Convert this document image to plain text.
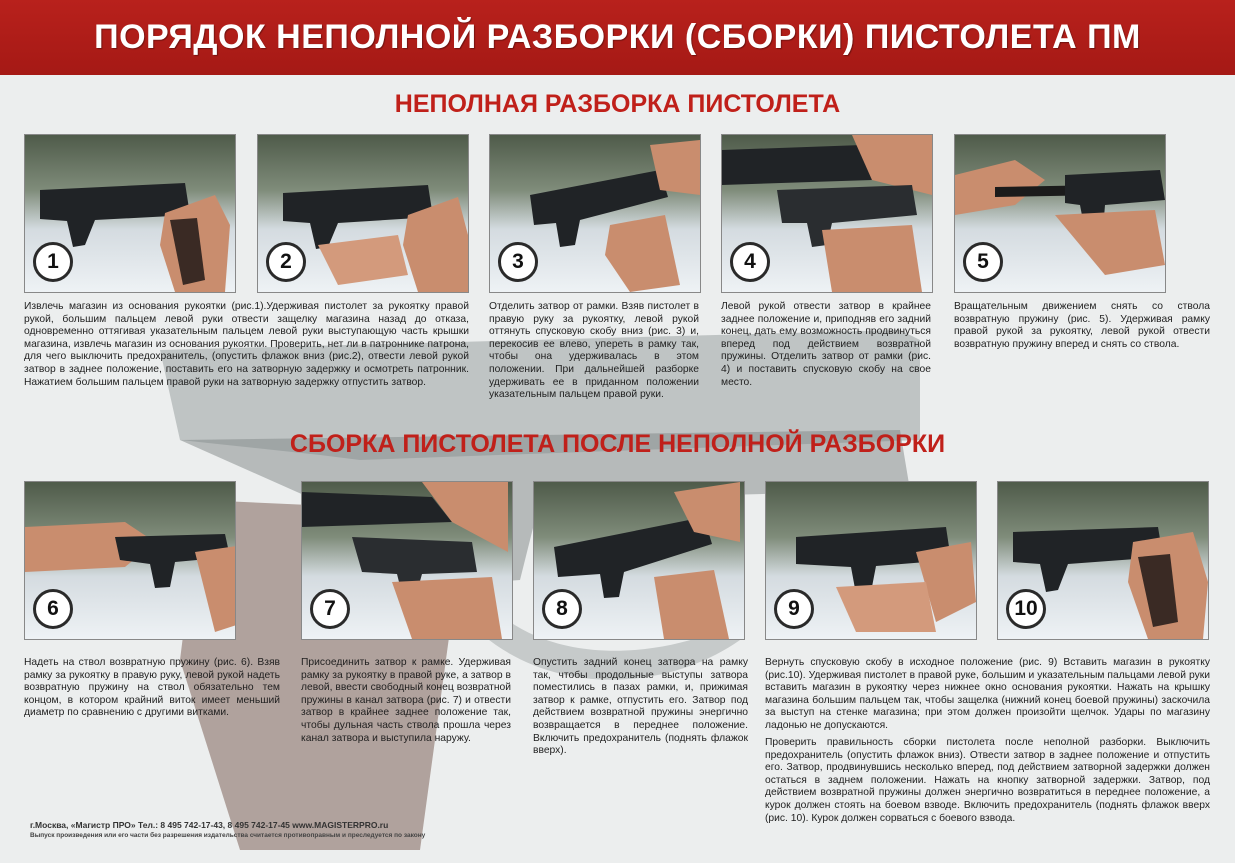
ПОРЯДОК НЕПОЛНОЙ РАЗБОРКИ (СБОРКИ) ПИСТОЛЕТА ПМ
НЕПОЛНАЯ РАЗБОРКА ПИСТОЛЕТА
1	2	3	4	5

Извлечь магазин из основания рукоятки (рис.1).Удерживая пистолет за рукоятку правой рукой, большим пальцем левой руки отвести защелку магазина назад до отказа, одновременно оттягивая указательным пальцем левой руки выступающую часть крышки магазина, извлечь магазин из основания рукоятки. Проверить, нет ли в патроннике патрона, для чего выключить предохранитель, (опустить флажок вниз (рис.2), отвести левой рукой затвор в заднее положение, поставить его на затворную задержку и осмотреть патронник. Нажатием большим пальцем правой руки на затворную задержку отпустить затвор.

Отделить затвор от рамки. Взяв пистолет в правую руку за рукоятку, левой рукой оттянуть спусковую скобу вниз (рис. 3) и, перекосив ее влево, упереть в рамку так, чтобы она удерживалась в этом положении. При дальнейшей разборке удерживать ее в приданном положении указательным пальцем правой руки.

Левой рукой отвести затвор в крайнее заднее положение и, приподняв его задний конец, дать ему возможность продвинуться вперед под действием возвратной пружины. Отделить затвор от рамки (рис. 4) и поставить спусковую скобу на свое место.

Вращательным движением снять со ствола возвратную пружину (рис. 5). Удерживая рамку правой рукой за рукоятку, левой рукой отвести возвратную пружину вперед и снять со ствола.

СБОРКА ПИСТОЛЕТА ПОСЛЕ НЕПОЛНОЙ РАЗБОРКИ
6	7	8	9	10

Надеть на ствол возвратную пружину (рис. 6). Взяв рамку за рукоятку в правую руку, левой рукой надеть возвратную пружину на ствол обязательно тем концом, в котором крайний виток имеет меньший диаметр по сравнению с другими витками.

Присоединить затвор к рамке. Удерживая рамку за рукоятку в правой руке, а затвор в левой, ввести свободный конец возвратной пружины в канал затвора (рис. 7) и отвести затвор в крайнее заднее положение так, чтобы дульная часть ствола прошла через канал затвора и выступила наружу.

Опустить задний конец затвора на рамку так, чтобы продольные выступы затвора поместились в пазах рамки, и, прижимая затвор к рамке, отпустить его. Затвор под действием возвратной пружины энергично возвращается в переднее положение. Включить предохранитель (поднять флажок вверх).

Вернуть спусковую скобу в исходное положение (рис. 9) Вставить магазин в рукоятку (рис.10). Удерживая пистолет в правой руке, большим и указательным пальцами левой руки вставить магазин в рукоятку через нижнее окно основания рукоятки. Нажать на крышку магазина большим пальцем так, чтобы защелка (нижний конец боевой пружины) заскочила за выступ на стенке магазина; при этом должен произойти щелчок. Удары по магазину ладонью не допускаются.

Проверить правильность сборки пистолета после неполной разборки. Выключить предохранитель (опустить флажок вниз). Отвести затвор в заднее положение и отпустить его. Затвор, продвинувшись несколько вперед, под действием затворной задержки должен остаться в заднем положении. Нажать на кнопку затворной задержки. Затвор, под действием возвратной пружины должен энергично возвратиться в переднее положение, а курок должен стоять на боевом взводе. Включить предохранитель (поднять флажок вверх (рис. 10). Курок должен сорваться с боевого взвода.

г.Москва, «Магистр ПРО» Тел.: 8 495 742-17-43, 8 495 742-17-45 www.MAGISTERPRO.ru
Выпуск произведения или его части без разрешения издательства считается противоправным и преследуется по закону
